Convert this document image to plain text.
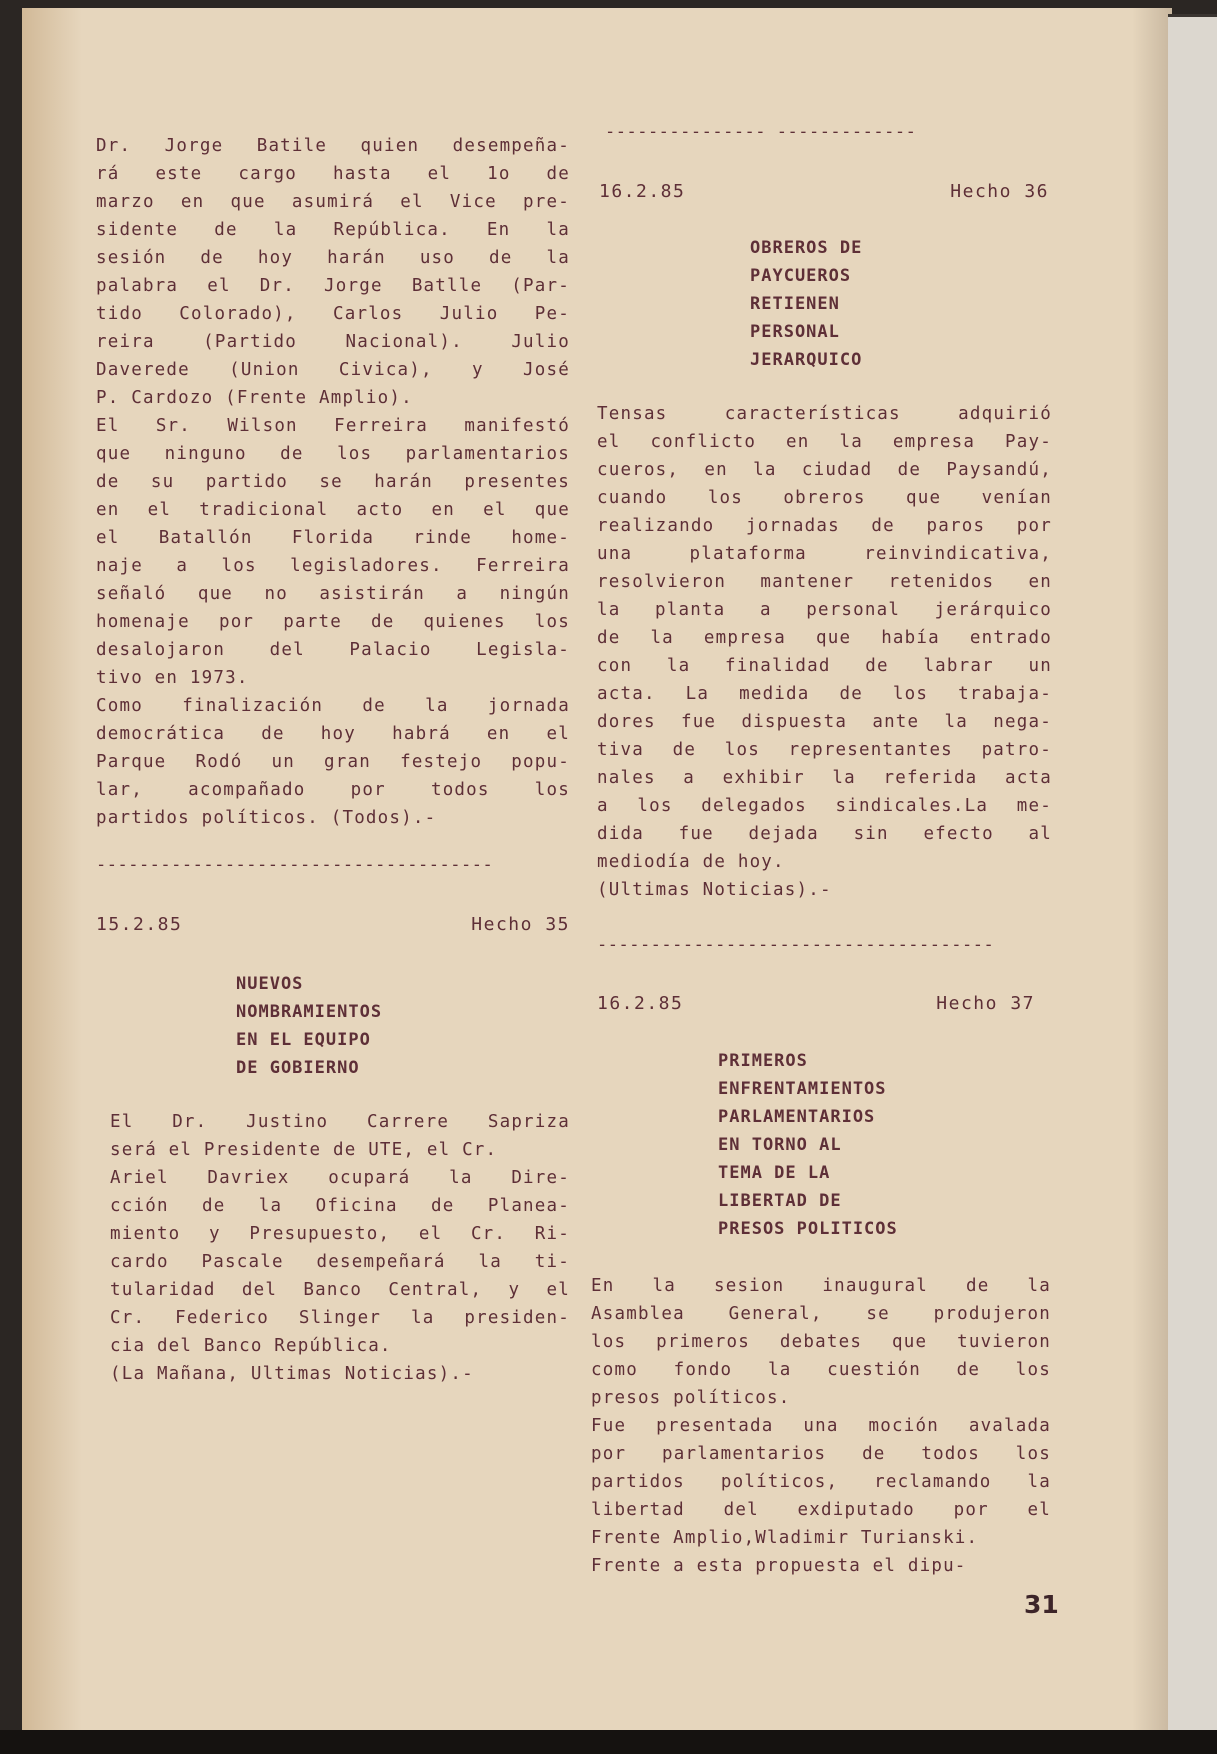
Dr. Jorge Batile quien desempeña-
rá este cargo hasta el 1o de
marzo en que asumirá el Vice pre-
sidente de la República. En la
sesión de hoy harán uso de la
palabra el Dr. Jorge Batlle (Par-
tido Colorado), Carlos Julio Pe-
reira (Partido Nacional). Julio
Daverede (Union Civica), y José
P. Cardozo (Frente Amplio).
El Sr. Wilson Ferreira manifestó
que ninguno de los parlamentarios
de su partido se harán presentes
en el tradicional acto en el que
el Batallón Florida rinde home-
naje a los legisladores. Ferreira
señaló que no asistirán a ningún
homenaje por parte de quienes los
desalojaron del Palacio Legisla-
tivo en 1973.
Como finalización de la jornada
democrática de hoy habrá en el
Parque Rodó un gran festejo popu-
lar, acompañado por todos los
partidos políticos. (Todos).-
-------------------------------------
15.2.85	Hecho 35
NUEVOS
NOMBRAMIENTOS
EN EL EQUIPO
DE GOBIERNO
El Dr. Justino Carrere Sapriza
será el Presidente de UTE, el Cr.
Ariel Davriex ocupará la Dire-
cción de la Oficina de Planea-
miento y Presupuesto, el Cr. Ri-
cardo Pascale desempeñará la ti-
tularidad del Banco Central, y el
Cr. Federico Slinger la presiden-
cia del Banco República.
(La Mañana, Ultimas Noticias).-
--------------- -------------
16.2.85	Hecho 36
OBREROS DE
PAYCUEROS
RETIENEN
PERSONAL
JERARQUICO
Tensas características adquirió
el conflicto en la empresa Pay-
cueros, en la ciudad de Paysandú,
cuando los obreros que venían
realizando jornadas de paros por
una plataforma reinvindicativa,
resolvieron mantener retenidos en
la planta a personal jerárquico
de la empresa que había entrado
con la finalidad de labrar un
acta. La medida de los trabaja-
dores fue dispuesta ante la nega-
tiva de los representantes patro-
nales a exhibir la referida acta
a los delegados sindicales.La me-
dida fue dejada sin efecto al
mediodía de hoy.
(Ultimas Noticias).-
-------------------------------------
16.2.85	Hecho 37
PRIMEROS
ENFRENTAMIENTOS
PARLAMENTARIOS
EN TORNO AL
TEMA DE LA
LIBERTAD DE
PRESOS POLITICOS
En la sesion inaugural de la
Asamblea General, se produjeron
los primeros debates que tuvieron
como fondo la cuestión de los
presos políticos.
Fue presentada una moción avalada
por parlamentarios de todos los
partidos políticos, reclamando la
libertad del exdiputado por el
Frente Amplio,Wladimir Turianski.
Frente a esta propuesta el dipu-
31
